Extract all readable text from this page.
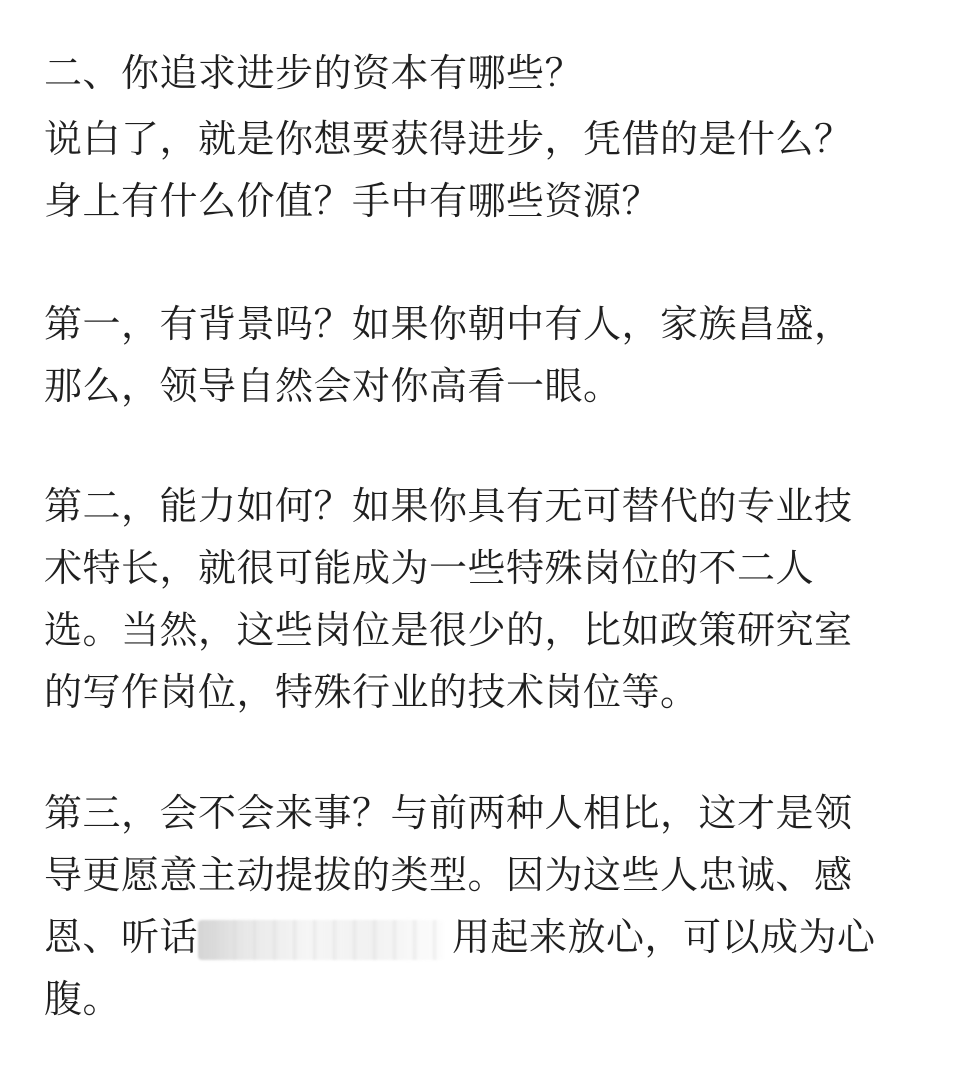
二、你追求进步的资本有哪些？

说白了，就是你想要获得进步，凭借的是什么？

身上有什么价值？手中有哪些资源？

第一，有背景吗？如果你朝中有人，家族昌盛，

那么，领导自然会对你高看一眼。

第二，能力如何？如果你具有无可替代的专业技

术特长，就很可能成为一些特殊岗位的不二人

选。当然，这些岗位是很少的，比如政策研究室

的写作岗位，特殊行业的技术岗位等。

第三，会不会来事？与前两种人相比，这才是领

导更愿意主动提拔的类型。因为这些人忠诚、感

恩、听话	用起来放心，可以成为心

腹。
